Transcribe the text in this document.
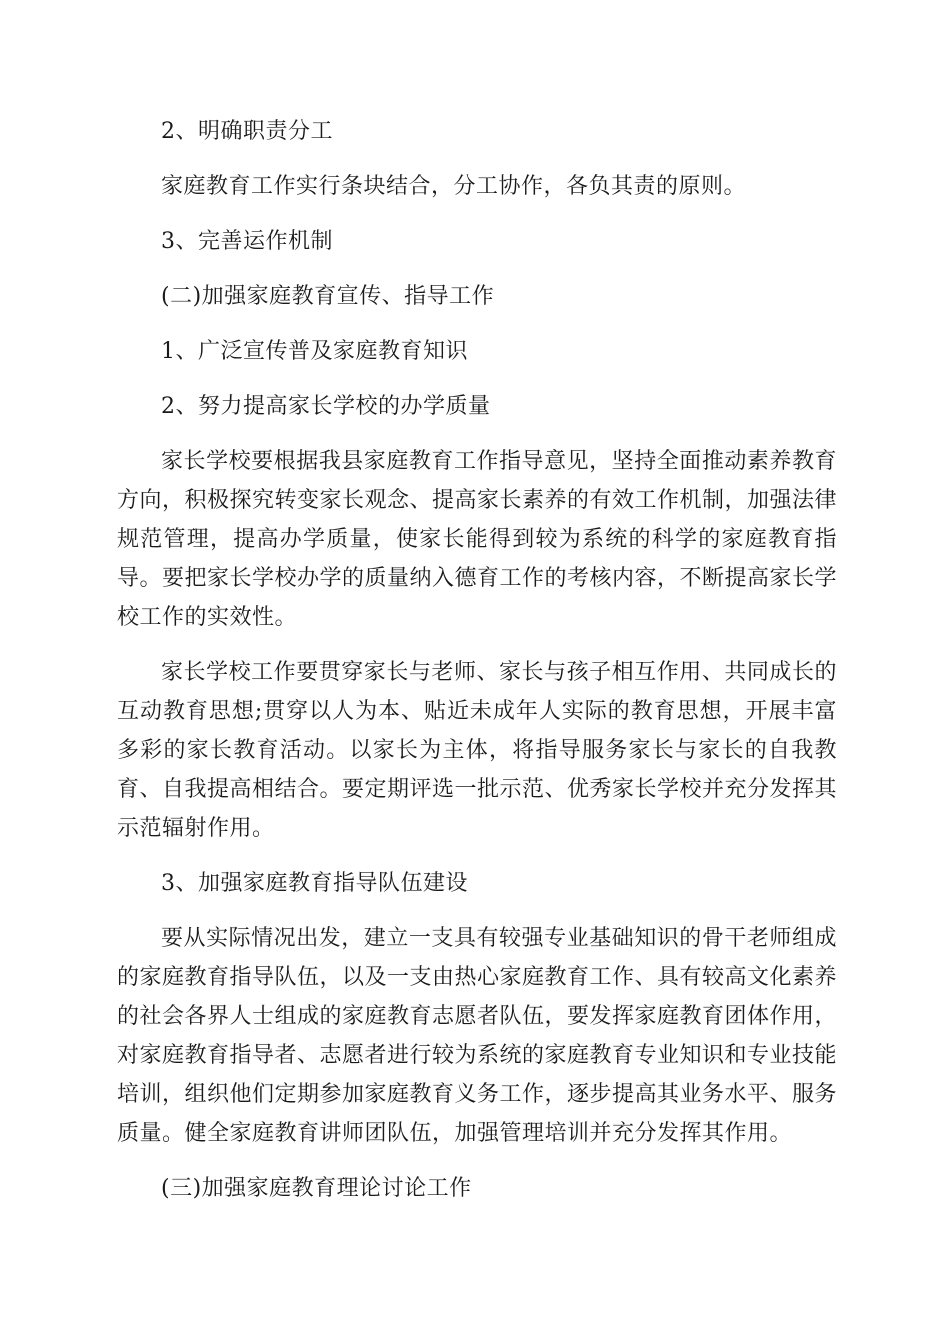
2、明确职责分工

家庭教育工作实行条块结合，分工协作，各负其责的原则。

3、完善运作机制

(二)加强家庭教育宣传、指导工作

1、广泛宣传普及家庭教育知识

2、努力提高家长学校的办学质量

家长学校要根据我县家庭教育工作指导意见，坚持全面推动素养教育方向，积极探究转变家长观念、提高家长素养的有效工作机制，加强法律规范管理，提高办学质量，使家长能得到较为系统的科学的家庭教育指导。要把家长学校办学的质量纳入德育工作的考核内容，不断提高家长学校工作的实效性。

家长学校工作要贯穿家长与老师、家长与孩子相互作用、共同成长的互动教育思想;贯穿以人为本、贴近未成年人实际的教育思想，开展丰富多彩的家长教育活动。以家长为主体，将指导服务家长与家长的自我教育、自我提高相结合。要定期评选一批示范、优秀家长学校并充分发挥其示范辐射作用。

3、加强家庭教育指导队伍建设

要从实际情况出发，建立一支具有较强专业基础知识的骨干老师组成的家庭教育指导队伍，以及一支由热心家庭教育工作、具有较高文化素养的社会各界人士组成的家庭教育志愿者队伍，要发挥家庭教育团体作用，对家庭教育指导者、志愿者进行较为系统的家庭教育专业知识和专业技能培训，组织他们定期参加家庭教育义务工作，逐步提高其业务水平、服务质量。健全家庭教育讲师团队伍，加强管理培训并充分发挥其作用。

(三)加强家庭教育理论讨论工作
